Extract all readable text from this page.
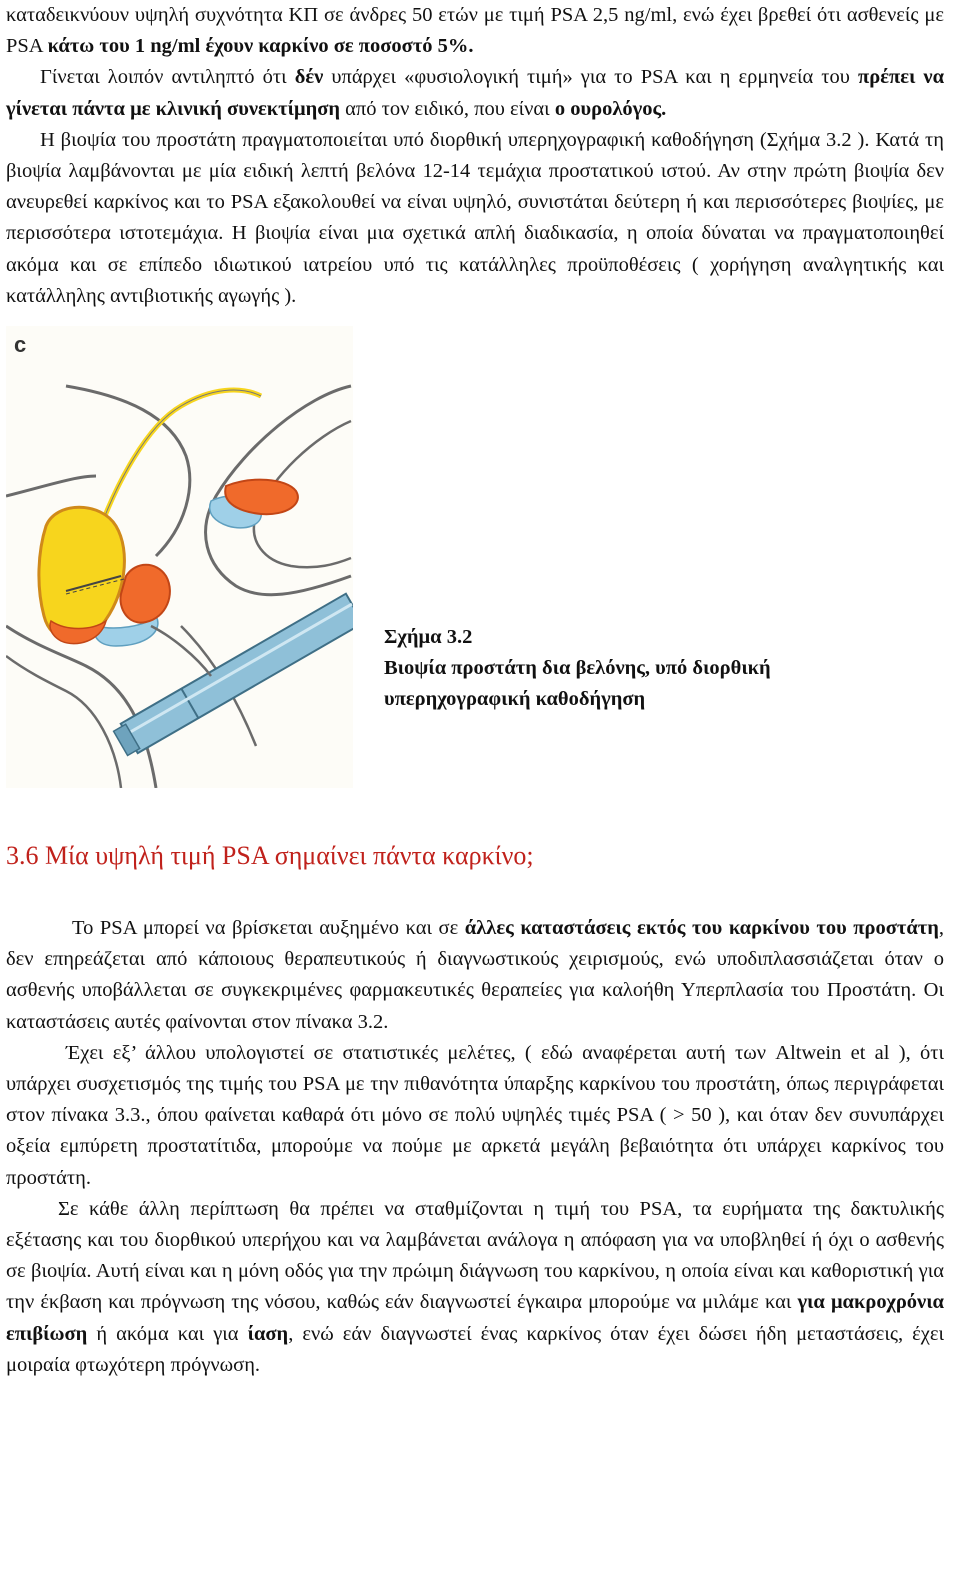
καταδεικνύουν υψηλή συχνότητα ΚΠ σε άνδρες 50 ετών με τιμή PSA 2,5 ng/ml, ενώ έχει βρεθεί ότι ασθενείς με PSA κάτω του 1 ng/ml έχουν καρκίνο σε ποσοστό 5%.

Γίνεται λοιπόν αντιληπτό ότι δέν υπάρχει «φυσιολογική τιμή» για το PSA και η ερμηνεία του πρέπει να γίνεται πάντα με κλινική συνεκτίμηση από τον ειδικό, που είναι ο ουρολόγος.

Η βιοψία του προστάτη πραγματοποιείται υπό διορθική υπερηχογραφική καθοδήγηση (Σχήμα 3.2 ). Κατά τη βιοψία λαμβάνονται με μία ειδική λεπτή βελόνα 12-14 τεμάχια προστατικού ιστού. Αν στην πρώτη βιοψία δεν ανευρεθεί καρκίνος και το PSA εξακολουθεί να είναι υψηλό, συνιστάται δεύτερη ή και περισσότερες βιοψίες, με περισσότερα ιστοτεμάχια. Η βιοψία είναι μια σχετικά απλή διαδικασία, η οποία δύναται να πραγματοποιηθεί ακόμα και σε επίπεδο ιδιωτικού ιατρείου υπό τις κατάλληλες προϋποθέσεις ( χορήγηση αναλγητικής και κατάλληλης αντιβιοτικής αγωγής ).

c
Σχήμα 3.2
Βιοψία προστάτη δια βελόνης, υπό διορθική
υπερηχογραφική καθοδήγηση
3.6 Μία υψηλή τιμή PSA σημαίνει πάντα καρκίνο;

Το PSA μπορεί να βρίσκεται αυξημένο και σε άλλες καταστάσεις εκτός του καρκίνου του προστάτη, δεν επηρεάζεται από κάποιους θεραπευτικούς ή διαγνωστικούς χειρισμούς, ενώ υποδιπλασσιάζεται όταν ο ασθενής υποβάλλεται σε συγκεκριμένες φαρμακευτικές θεραπείες για καλοήθη Υπερπλασία του Προστάτη. Οι καταστάσεις αυτές φαίνονται στον πίνακα 3.2.

Έχει εξ’ άλλου υπολογιστεί σε στατιστικές μελέτες, ( εδώ αναφέρεται αυτή των Altwein et al ), ότι υπάρχει συσχετισμός της τιμής του PSA με την πιθανότητα ύπαρξης καρκίνου του προστάτη, όπως περιγράφεται στον πίνακα 3.3., όπου φαίνεται καθαρά ότι μόνο σε πολύ υψηλές τιμές PSA ( > 50 ), και όταν δεν συνυπάρχει οξεία εμπύρετη προστατίτιδα, μπορούμε να πούμε με αρκετά μεγάλη βεβαιότητα ότι υπάρχει καρκίνος του προστάτη.

Σε κάθε άλλη περίπτωση θα πρέπει να σταθμίζονται η τιμή του PSA, τα ευρήματα της δακτυλικής εξέτασης και του διορθικού υπερήχου και να λαμβάνεται ανάλογα η απόφαση για να υποβληθεί ή όχι ο ασθενής σε βιοψία. Αυτή είναι και η μόνη οδός για την πρώιμη διάγνωση του καρκίνου, η οποία είναι και καθοριστική για την έκβαση και πρόγνωση της νόσου, καθώς εάν διαγνωστεί έγκαιρα μπορούμε να μιλάμε και για μακροχρόνια επιβίωση ή ακόμα και για ίαση, ενώ εάν διαγνωστεί ένας καρκίνος όταν έχει δώσει ήδη μεταστάσεις, έχει μοιραία φτωχότερη πρόγνωση.
